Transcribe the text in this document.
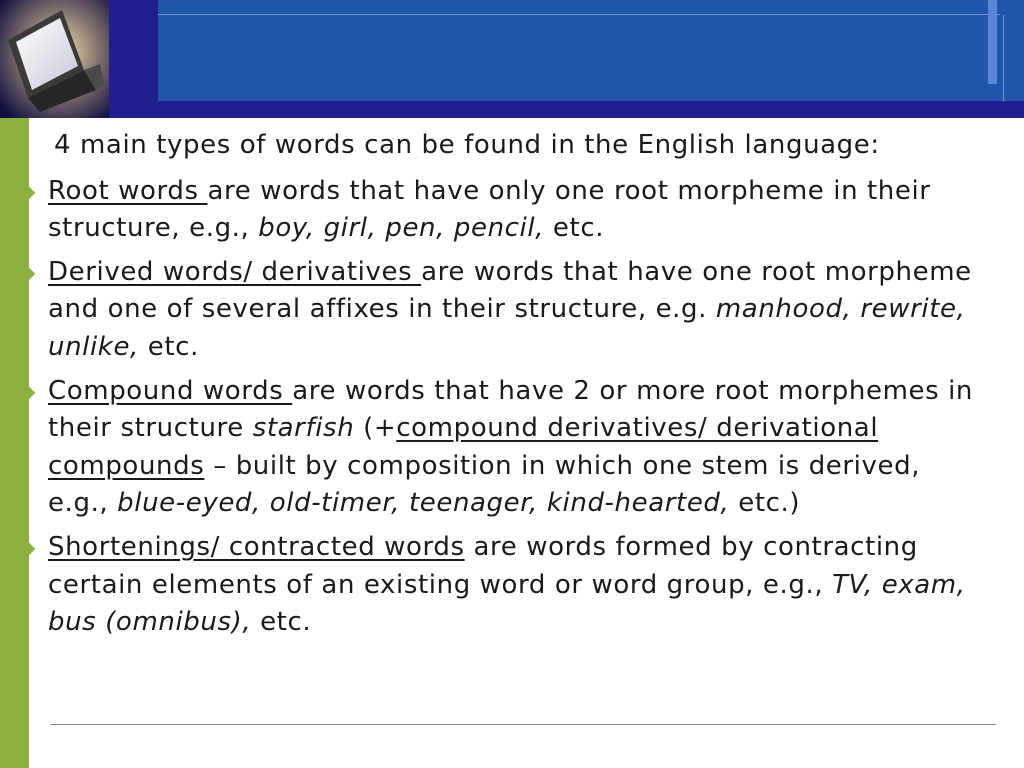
4 main types of words can be found in the English language:

◆ Root words are words that have only one root morpheme in their structure, e.g., boy, girl, pen, pencil, etc.
◆ Derived words/ derivatives are words that have one root morpheme and one of several affixes in their structure, e.g. manhood, rewrite, unlike, etc.
◆ Compound words are words that have 2 or more root morphemes in their structure starfish (+compound derivatives/ derivational compounds – built by composition in which one stem is derived, e.g., blue-eyed, old-timer, teenager, kind-hearted, etc.)
◆ Shortenings/ contracted words are words formed by contracting certain elements of an existing word or word group, e.g., TV, exam, bus (omnibus), etc.
